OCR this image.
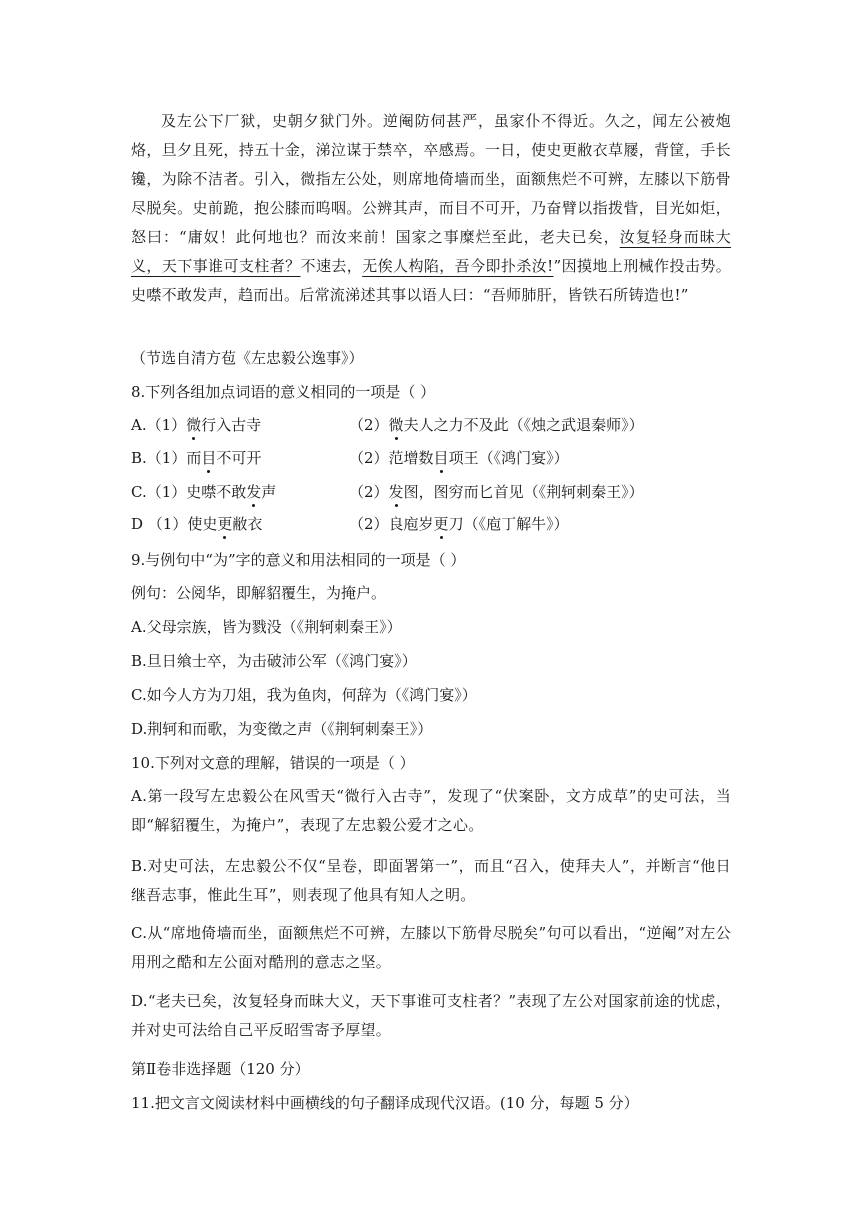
及左公下厂狱，史朝夕狱门外。逆阉防伺甚严，虽家仆不得近。久之，闻左公被炮烙，旦夕且死，持五十金，涕泣谋于禁卒，卒感焉。一日，使史更敝衣草屦，背筐，手长镵，为除不洁者。引入，微指左公处，则席地倚墙而坐，面额焦烂不可辨，左膝以下筋骨尽脱矣。史前跪，抱公膝而呜咽。公辨其声，而目不可开，乃奋臂以指拨眥，目光如炬，怒曰：“庸奴！此何地也？而汝来前！国家之事糜烂至此，老夫已矣，汝复轻身而昧大义，天下事谁可支柱者？不速去，无俟人构陷，吾今即扑杀汝!”因摸地上刑械作投击势。史噤不敢发声，趋而出。后常流涕述其事以语人曰：“吾师肺肝，皆铁石所铸造也!”
（节选自清方苞《左忠毅公逸事》）
8.下列各组加点词语的意义相同的一项是（ ）
A.（1）微行入古寺	（2）微夫人之力不及此（《烛之武退秦师》）
B.（1）而目不可开	（2）范增数目项王（《鸿门宴》）
C.（1）史噤不敢发声	（2）发图，图穷而匕首见（《荆轲刺秦王》）
D （1）使史更敝衣	（2）良庖岁更刀（《庖丁解牛》）
9.与例句中“为”字的意义和用法相同的一项是（ ）
例句：公阅华，即解貂覆生，为掩户。
A.父母宗族，皆为戮没（《荆轲刺秦王》）
B.旦日飨士卒，为击破沛公军（《鸿门宴》）
C.如今人方为刀俎，我为鱼肉，何辞为（《鸿门宴》）
D.荆轲和而歌，为变徵之声（《荆轲刺秦王》）
10.下列对文意的理解，错误的一项是（ ）
A.第一段写左忠毅公在风雪天“微行入古寺”，发现了“伏案卧，文方成草”的史可法，当即“解貂覆生，为掩户”，表现了左忠毅公爱才之心。
B.对史可法，左忠毅公不仅“呈卷，即面署第一”，而且“召入，使拜夫人”，并断言“他日继吾志事，惟此生耳”，则表现了他具有知人之明。
C.从“席地倚墙而坐，面额焦烂不可辨，左膝以下筋骨尽脱矣”句可以看出，“逆阉”对左公用刑之酷和左公面对酷刑的意志之坚。
D.“老夫已矣，汝复轻身而昧大义，天下事谁可支柱者？”表现了左公对国家前途的忧虑，并对史可法给自己平反昭雪寄予厚望。
第Ⅱ卷非选择题（120 分）
11.把文言文阅读材料中画横线的句子翻译成现代汉语。(10 分，每题 5 分）
